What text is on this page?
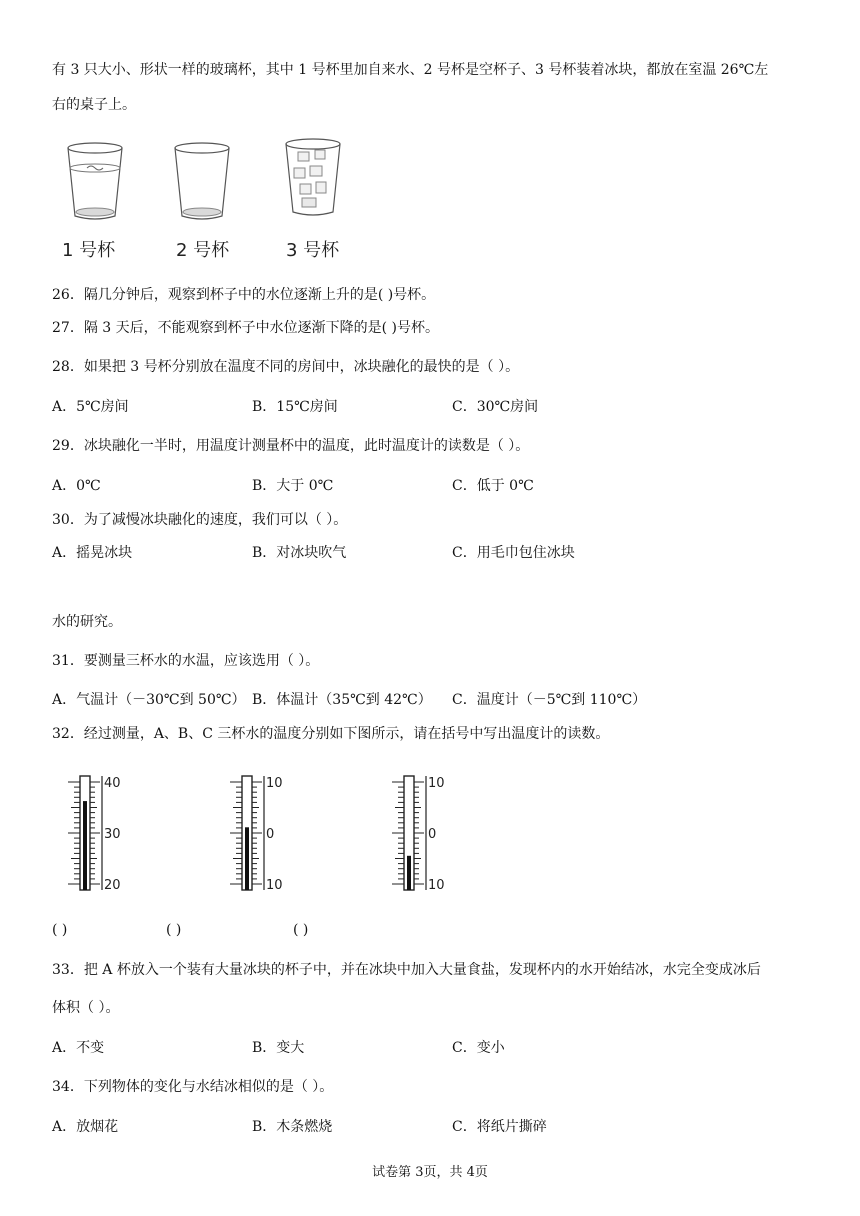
有 3 只大小、形状一样的玻璃杯，其中 1 号杯里加自来水、2 号杯是空杯子、3 号杯装着冰块，都放在室温 26℃左
右的桌子上。
1 号杯	2 号杯	3 号杯
26．隔几分钟后，观察到杯子中的水位逐渐上升的是( )号杯。
27．隔 3 天后，不能观察到杯子中水位逐渐下降的是( )号杯。
28．如果把 3 号杯分别放在温度不同的房间中，冰块融化的最快的是（ ）。
A．5℃房间	B．15℃房间	C．30℃房间
29．冰块融化一半时，用温度计测量杯中的温度，此时温度计的读数是（ ）。
A．0℃	B．大于 0℃	C．低于 0℃
30．为了减慢冰块融化的速度，我们可以（ ）。
A．摇晃冰块	B．对冰块吹气	C．用毛巾包住冰块
水的研究。
31．要测量三杯水的水温，应该选用（ ）。
A．气温计（－30℃到 50℃） B．体温计（35℃到 42℃） C．温度计（－5℃到 110℃）
32．经过测量，A、B、C 三杯水的温度分别如下图所示，请在括号中写出温度计的读数。
40
30
20
10
0
10
10
0
10
( )	( )	( )
33．把 A 杯放入一个装有大量冰块的杯子中，并在冰块中加入大量食盐，发现杯内的水开始结冰，水完全变成冰后
体积（ ）。
A．不变	B．变大	C．变小
34．下列物体的变化与水结冰相似的是（ ）。
A．放烟花	B．木条燃烧	C．将纸片撕碎
试卷第 3页，共 4页
